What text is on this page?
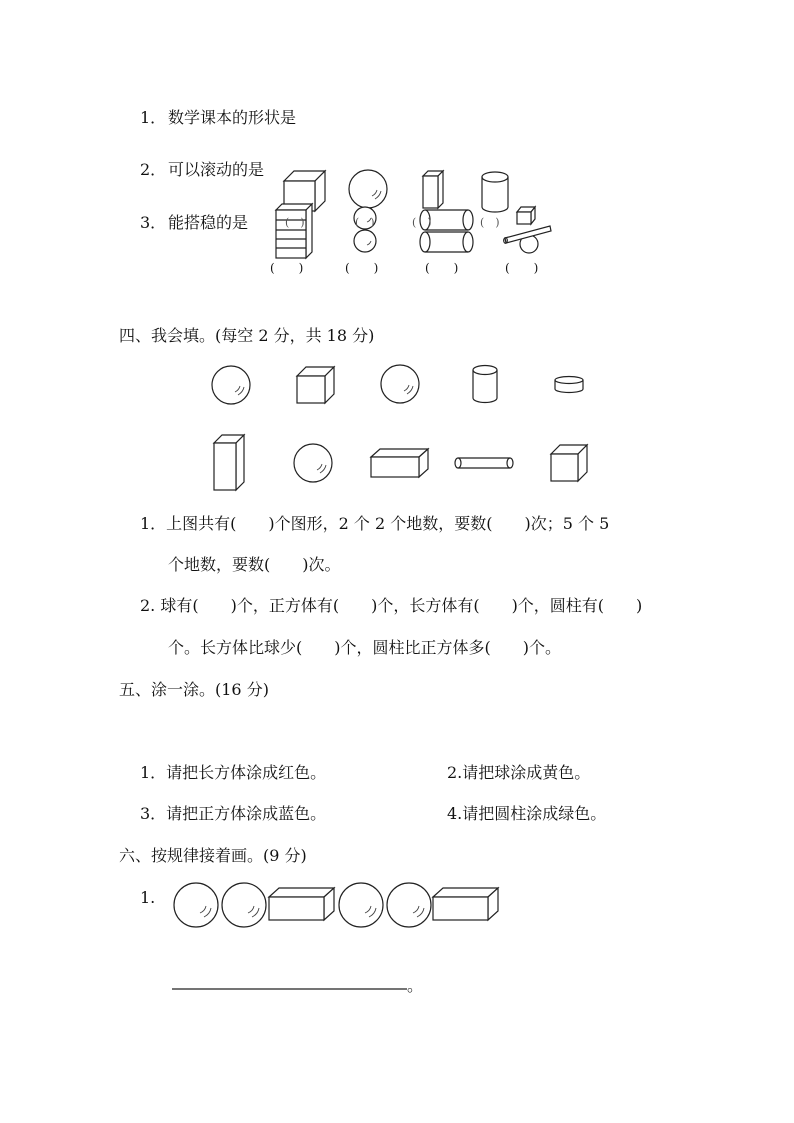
1． 数学课本的形状是
2． 可以滚动的是
3． 能搭稳的是	(　)	(　)	(　)	(　)
(　　)	(　　)	(　　)	(　　)
四、我会填。(每空 2 分，共 18 分)
1．上图共有(　　)个图形，2 个 2 个地数，要数(　　)次；5 个 5
个地数，要数(　　)次。
2. 球有(　　)个，正方体有(　　)个，长方体有(　　)个，圆柱有(　　)
个。长方体比球少(　　)个，圆柱比正方体多(　　)个。
五、涂一涂。(16 分)
1．请把长方体涂成红色。	2.请把球涂成黄色。
3．请把正方体涂成蓝色。	4.请把圆柱涂成绿色。
六、按规律接着画。(9 分)
1.
。
